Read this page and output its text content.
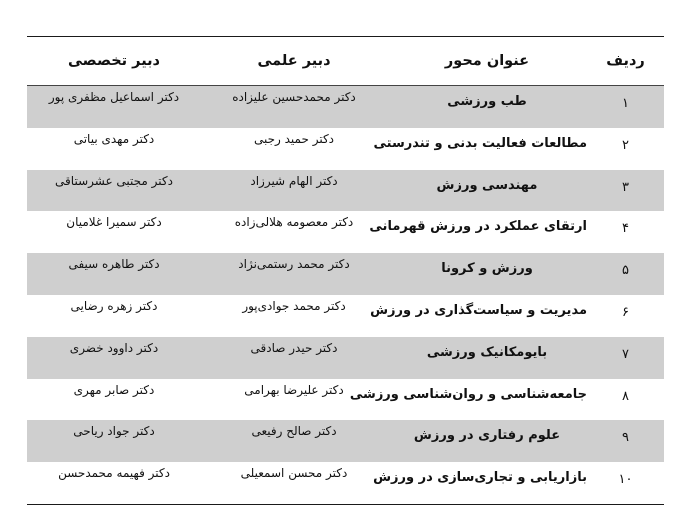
ردیف
عنوان محور
دبیر علمی
دبیر تخصصی
۱
طب ورزشی
دکتر محمدحسین علیزاده
دکتر اسماعیل مظفری پور
۲
مطالعات فعالیت بدنی و تندرستی
دکتر حمید رجبی
دکتر مهدی بیاتی
۳
مهندسی ورزش
دکتر الهام شیرزاد
دکتر مجتبی عشرستاقی
۴
ارتقای عملکرد در ورزش قهرمانی
دکتر معصومه هلالی‌زاده
دکتر سمیرا غلامیان
۵
ورزش و کرونا
دکتر محمد رستمی‌نژاد
دکتر طاهره سیفی
۶
مدیریت و سیاست‌گذاری در ورزش
دکتر محمد جوادی‌پور
دکتر زهره رضایی
۷
بایومکانیک ورزشی
دکتر حیدر صادقی
دکتر داوود خضری
۸
جامعه‌شناسی و روان‌شناسی ورزشی
دکتر علیرضا بهرامی
دکتر صابر مهری
۹
علوم رفتاری در ورزش
دکتر صالح رفیعی
دکتر جواد ریاحی
۱۰
بازاریابی و تجاری‌سازی در ورزش
دکتر محسن اسمعیلی
دکتر فهیمه محمدحسن
